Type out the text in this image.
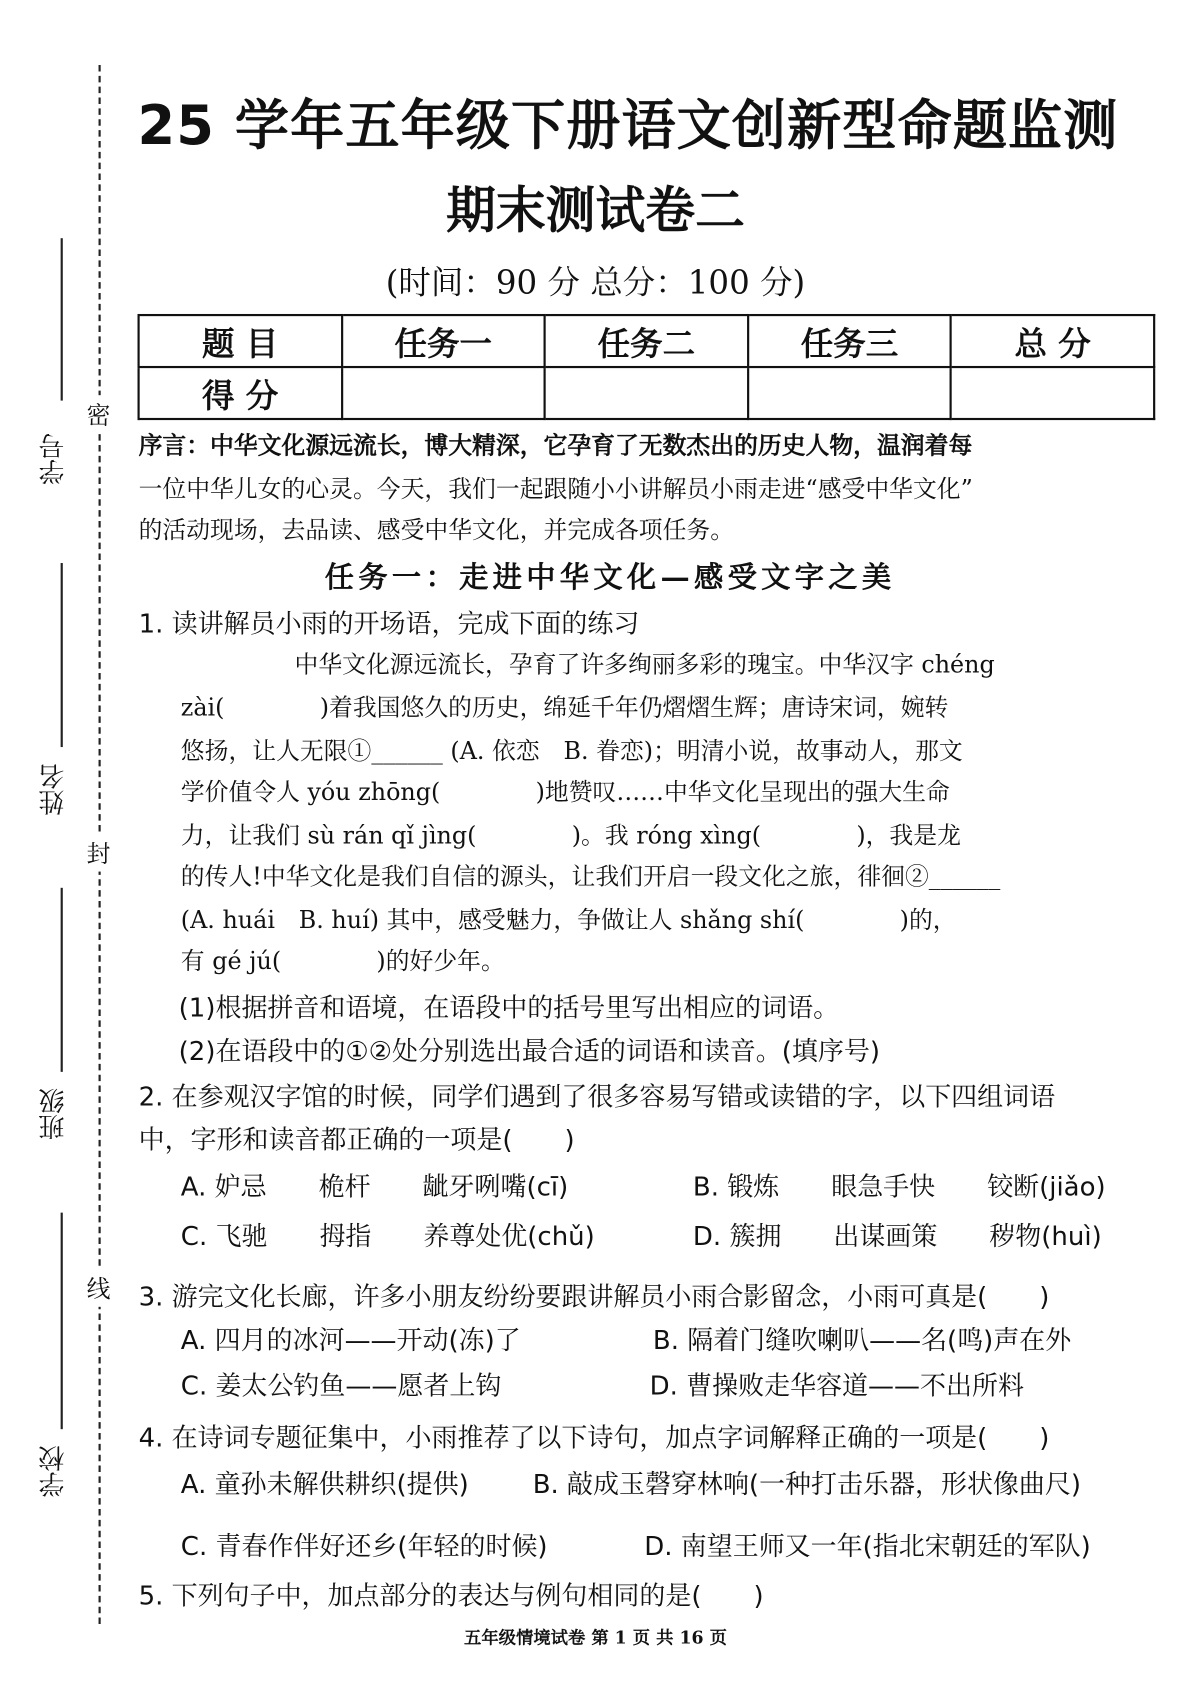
学号
姓名
班级
学校
密
封
线
25 学年五年级下册语文创新型命题监测
期末测试卷二
(时间：90 分 总分：100 分)
题 目	任务一	任务二	任务三	总 分
得 分				
序言：中华文化源远流长，博大精深，它孕育了无数杰出的历史人物，温润着每
一位中华儿女的心灵。今天，我们一起跟随小小讲解员小雨走进“感受中华文化”
的活动现场，去品读、感受中华文化，并完成各项任务。
任务一：走进中华文化—感受文字之美
1. 读讲解员小雨的开场语，完成下面的练习
中华文化源远流长，孕育了许多绚丽多彩的瑰宝。中华汉字 chéng
zài(　　　　)着我国悠久的历史，绵延千年仍熠熠生辉；唐诗宋词，婉转
悠扬，让人无限①______ (A. 依恋　B. 眷恋)；明清小说，故事动人，那文
学价值令人 yóu zhōng(　　　　)地赞叹……中华文化呈现出的强大生命
力，让我们 sù rán qǐ jìng(　　　　)。我 róng xìng(　　　　)，我是龙
的传人!中华文化是我们自信的源头，让我们开启一段文化之旅，徘徊②______
(A. huái　B. huí) 其中，感受魅力，争做让人 shǎng shí(　　　　)的，
有 gé jú(　　　　)的好少年。
(1)根据拼音和语境，在语段中的括号里写出相应的词语。
(2)在语段中的①②处分别选出最合适的词语和读音。(填序号)
2. 在参观汉字馆的时候，同学们遇到了很多容易写错或读错的字，以下四组词语
中，字形和读音都正确的一项是(　　)
A. 妒忌　　桅杆　　龇牙咧嘴(cī)	B. 锻炼　　眼急手快　　铰断(jiǎo)
C. 飞驰　　拇指　　养尊处优(chǔ)	D. 簇拥　　出谋画策　　秽物(huì)
3. 游完文化长廊，许多小朋友纷纷要跟讲解员小雨合影留念，小雨可真是(　　)
A. 四月的冰河——开动(冻)了	B. 隔着门缝吹喇叭——名(鸣)声在外
C. 姜太公钓鱼——愿者上钩	D. 曹操败走华容道——不出所料
4. 在诗词专题征集中，小雨推荐了以下诗句，加点字词解释正确的一项是(　　)
A. 童孙未解供耕织(提供)	B. 敲成玉磬穿林响(一种打击乐器，形状像曲尺)
C. 青春作伴好还乡(年轻的时候)	D. 南望王师又一年(指北宋朝廷的军队)
5. 下列句子中，加点部分的表达与例句相同的是(　　)
五年级情境试卷 第 1 页 共 16 页
